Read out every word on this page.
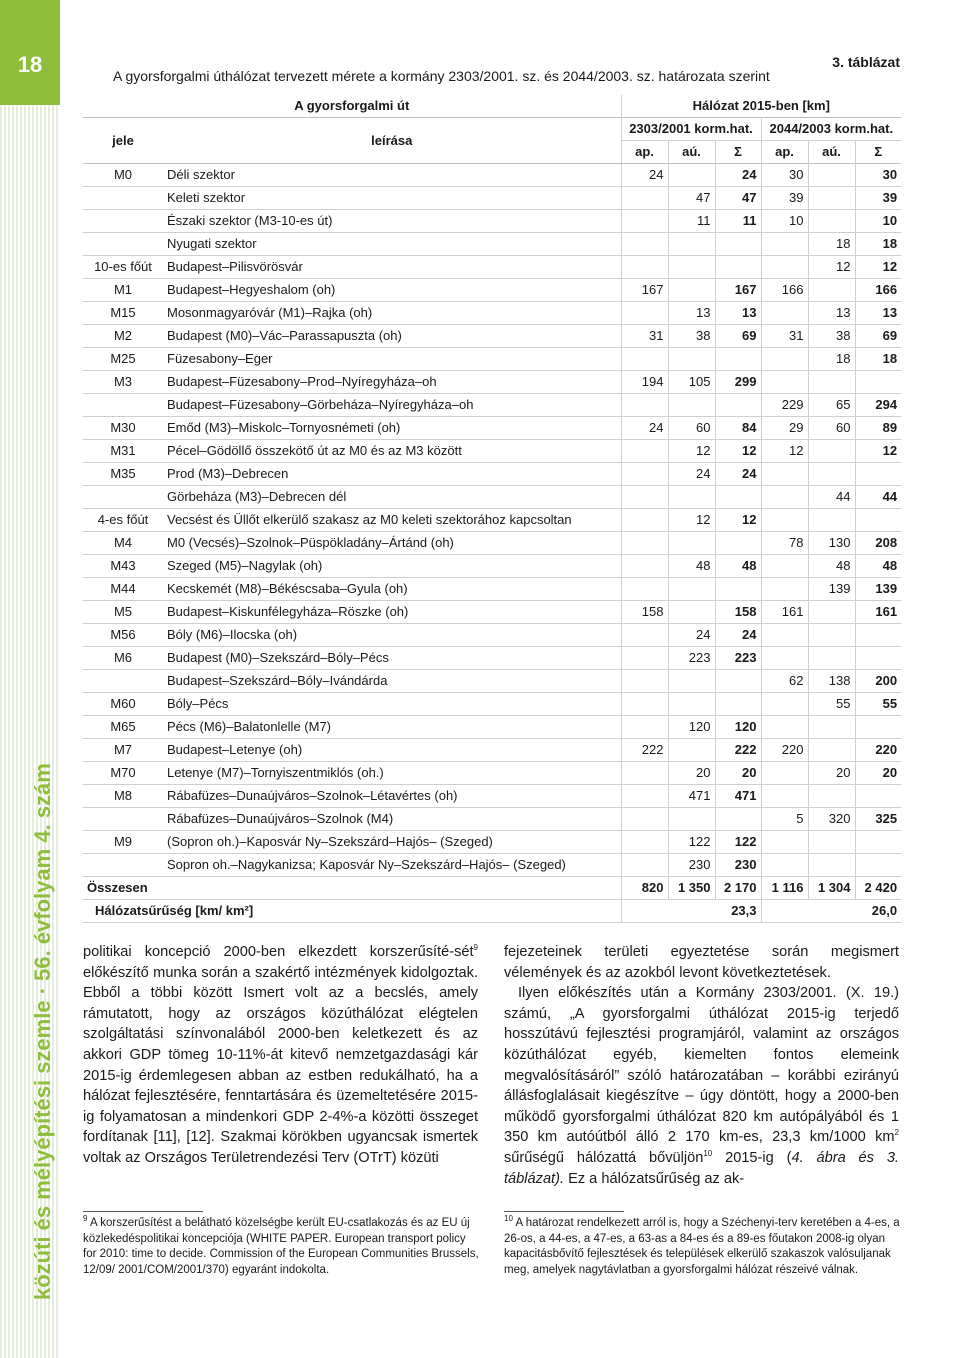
18
közúti és mélyépítési szemle · 56. évfolyam 4. szám
3. táblázat
A gyorsforgalmi úthálózat tervezett mérete a kormány 2303/2001. sz. és 2044/2003. sz. határozata szerint
A gyorsforgalmi út		Hálózat 2015-ben [km]					
jele	leírása	2303/2001 korm.hat.			2044/2003 korm.hat.		
		ap.	aú.	Σ	ap.	aú.	Σ
M0	Déli szektor	24		24	30		30
	Keleti szektor		47	47	39		39
	Északi szektor (M3-10-es út)		11	11	10		10
	Nyugati szektor					18	18
10-es főút	Budapest–Pilisvörösvár					12	12
M1	Budapest–Hegyeshalom (oh)	167		167	166		166
M15	Mosonmagyaróvár (M1)–Rajka (oh)		13	13		13	13
M2	Budapest (M0)–Vác–Parassapuszta (oh)	31	38	69	31	38	69
M25	Füzesabony–Eger					18	18
M3	Budapest–Füzesabony–Prod–Nyíregyháza–oh	194	105	299			
	Budapest–Füzesabony–Görbeháza–Nyíregyháza–oh				229	65	294
M30	Emőd (M3)–Miskolc–Tornyosnémeti (oh)	24	60	84	29	60	89
M31	Pécel–Gödöllő összekötő út az M0 és az M3 között		12	12	12		12
M35	Prod (M3)–Debrecen		24	24			
	Görbeháza (M3)–Debrecen dél					44	44
4-es főút	Vecsést és Üllőt elkerülő szakasz az M0 keleti szektorához kapcsoltan		12	12			
M4	M0 (Vecsés)–Szolnok–Püspökladány–Ártánd (oh)				78	130	208
M43	Szeged (M5)–Nagylak (oh)		48	48		48	48
M44	Kecskemét (M8)–Békéscsaba–Gyula (oh)					139	139
M5	Budapest–Kiskunfélegyháza–Röszke (oh)	158		158	161		161
M56	Bóly (M6)–Ilocska (oh)		24	24			
M6	Budapest (M0)–Szekszárd–Bóly–Pécs		223	223			
	Budapest–Szekszárd–Bóly–Ivándárda				62	138	200
M60	Bóly–Pécs					55	55
M65	Pécs (M6)–Balatonlelle (M7)		120	120			
M7	Budapest–Letenye (oh)	222		222	220		220
M70	Letenye (M7)–Tornyiszentmiklós (oh.)		20	20		20	20
M8	Rábafüzes–Dunaújváros–Szolnok–Létavértes (oh)		471	471			
	Rábafüzes–Dunaújváros–Szolnok (M4)				5	320	325
M9	(Sopron oh.)–Kaposvár Ny–Szekszárd–Hajós– (Szeged)		122	122			
	Sopron oh.–Nagykanizsa; Kaposvár Ny–Szekszárd–Hajós– (Szeged)		230	230			
Összesen		820	1 350	2 170	1 116	1 304	2 420
Hálózatsűrűség [km/ km²]		23,3			26,0		

politikai koncepció 2000-ben elkezdett korszerűsíté-sét$^9$ előkészítő munka során a szakértő intézmények kidolgoztak. Ebből a többi között Ismert volt az a becslés, amely rámutatott, hogy az országos közúthálózat elégtelen szolgáltatási színvonalából 2000-ben keletkezett és az akkori GDP tömeg 10-11%-át kitevő nemzetgazdasági kár 2015-ig érdemlegesen abban az estben redukálható, ha a hálózat fejlesztésére, fenntartására és üzemeltetésére 2015-ig folyamatosan a mindenkori GDP 2-4%-a közötti összeget fordítanak [11], [12]. Szakmai körökben ugyancsak ismertek voltak az Országos Területrendezési Terv (OTrT) közüti

fejezeteinek területi egyeztetése során megismert vélemények és az azokból levont következtetések.

Ilyen előkészítés után a Kormány 2303/2001. (X. 19.) számú, „A gyorsforgalmi úthálózat 2015-ig terjedő hosszútávú fejlesztési programjáról, valamint az országos közúthálózat egyéb, kiemelten fontos elemeink megvalósításáról” szóló határozatában – korábbi ezirányú állásfoglalásait kiegészítve – úgy döntött, hogy a 2000-ben működő gyorsforgalmi úthálózat 820 km autópályából és 1 350 km autóútból álló 2 170 km-es, 23,3 km/1000 $km^2$ sűrűségű hálózattá bővüljön$^{10}$ 2015-ig (4. ábra és 3. táblázat). Ez a hálózatsűrűség az ak-

$^9$ A korszerűsítést a belátható közelségbe került EU-csatlakozás és az EU új közlekedéspolitikai koncepciója (WHITE PAPER. European transport policy for 2010: time to decide. Commission of the European Communities Brussels, 12/09/ 2001/COM/2001/370) egyaránt indokolta.
$^{10}$ A határozat rendelkezett arról is, hogy a Széchenyi-terv keretében a 4-es, a 26-os, a 44-es, a 47-es, a 63-as a 84-es és a 89-es főutakon 2008-ig olyan kapacitásbővítő fejlesztések és települések elkerülő szakaszok valósuljanak meg, amelyek nagytávlatban a gyorsforgalmi hálózat részeivé válnak.
